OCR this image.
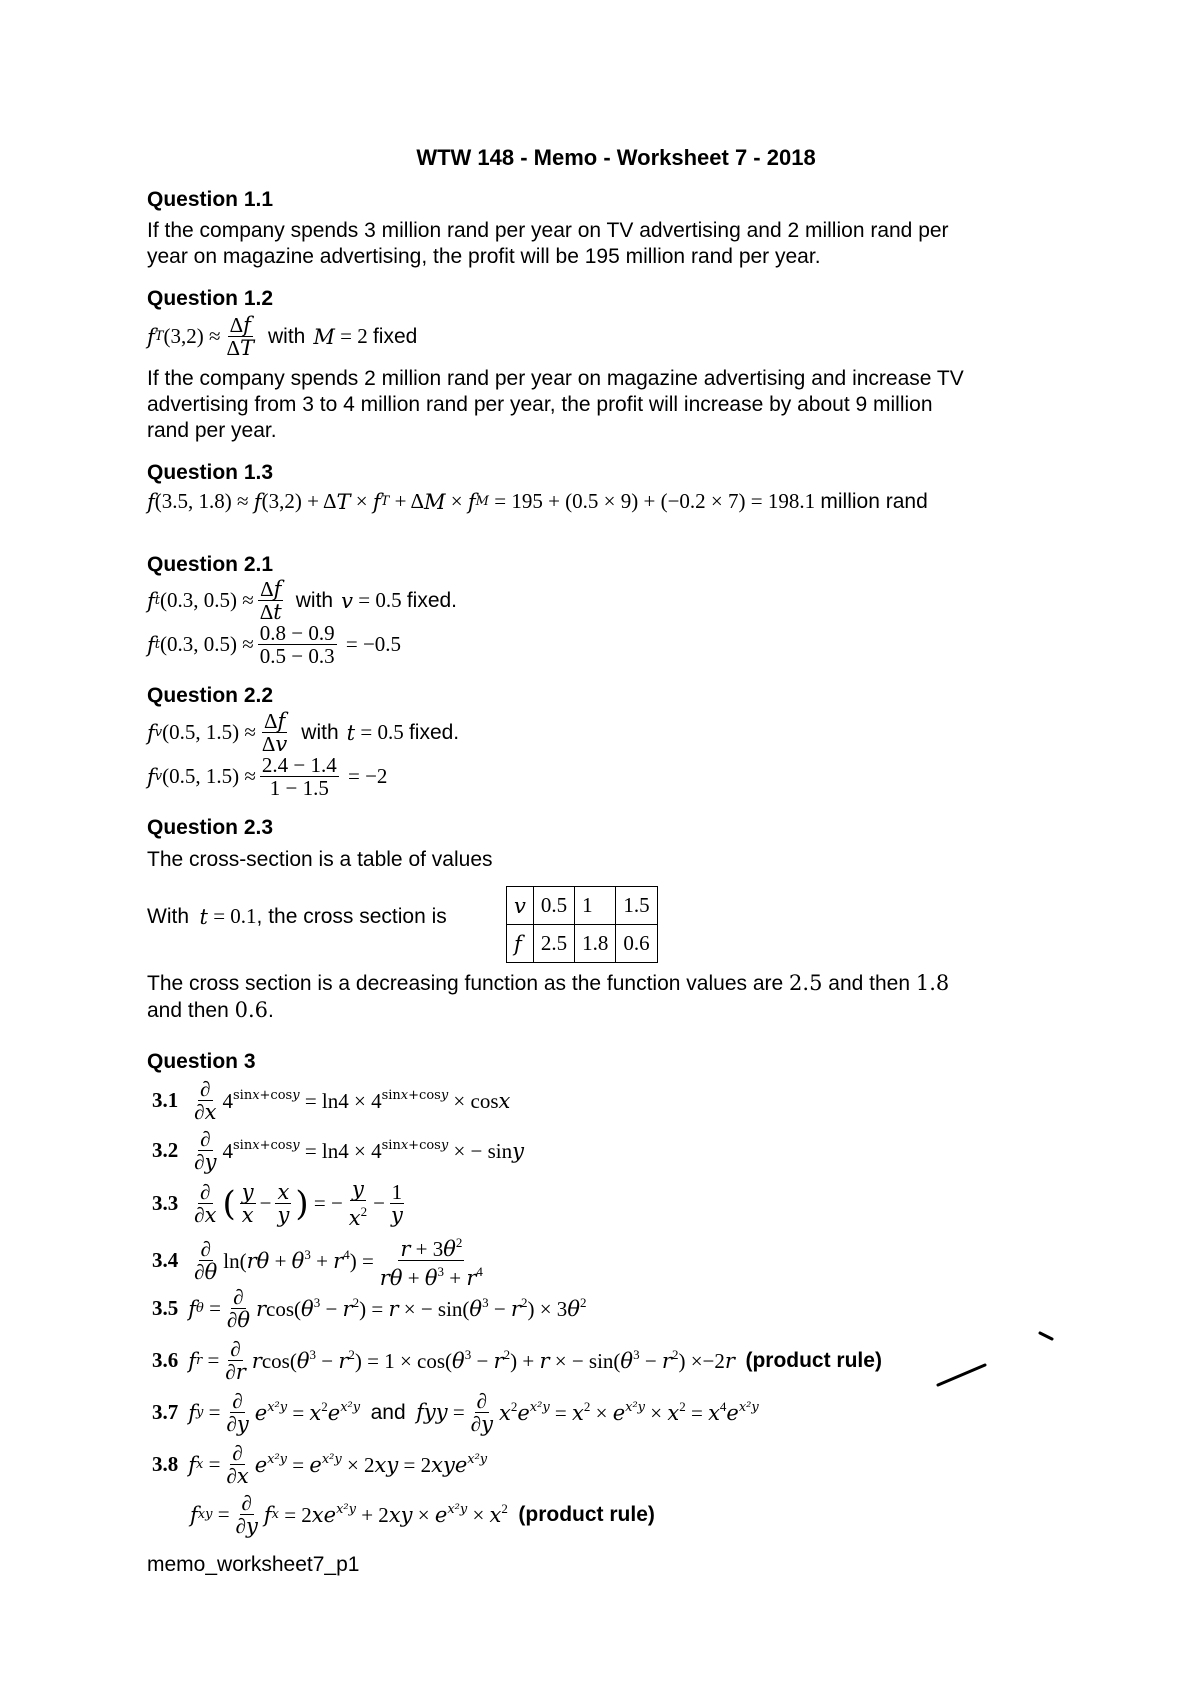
WTW 148 - Memo - Worksheet 7 - 2018
Question 1.1
If the company spends 3 million rand per year on TV advertising and 2 million rand per
year on magazine advertising, the profit will be 195 million rand per year.
Question 1.2
f T $(3,2) \approx \frac{\Delta f}{\Delta T}$ with M = 2 fixed
If the company spends 2 million rand per year on magazine advertising and increase TV
advertising from 3 to 4 million rand per year, the profit will increase by about 9 million
rand per year.
Question 1.3
f (3.5, 1.8) ≈ f (3,2) + Δ T × f T + Δ M × f M = 195 + (0.5 × 9) + (−0.2 × 7) = 198.1 million rand
Question 2.1
f t (0.3, $0.5) \approx \frac{\Delta f}{\Delta t}$ with v = 0.5 fixed.
f t (0.3, $0.5) \approx \frac{0.8 - 0.9}{0.5 - 0.3} = -0.5$
Question 2.2
f v (0.5, $1.5) \approx \frac{\Delta f}{\Delta v}$ with t = 0.5 fixed.
f v (0.5, $1.5) \approx \frac{2.4 - 1.4}{1 - 1.5} = -2$
Question 2.3
The cross-section is a table of values
With
t = 0.1 , the cross section is	v	0.5	1	1.5
f	2.5	1.8	0.6
The cross section is a decreasing function as the function values are 2.5 and then 1.8
and then 0.6.
Question 3
$3.1 \frac{\partial}{\partial x} 4^{sinx+cosy} = \ln 4 \times 4^{sinx+cosy} \times \cos x$
$3.2 \frac{\partial}{\partial y} 4^{sinx+cosy} = \ln 4 \times 4^{sinx+cosy}$ × − siny
$3.3 \frac{\partial}{\partial x}$ ( $\frac{y}{x} - \frac{x}{y}$ ) = − $\frac{y}{x^2} - \frac{1}{y}$
$3.4 \frac{\partial}{\partial\theta} \ln(r\theta + \theta^3 + r^4) = \frac{r + 3\theta^2}{r\theta + \theta^3 + r^4}$
3.5 f $\theta = \frac{\partial}{\partial\theta} rcos(\theta^3 - r^2) = r$ × − $\sin(\theta^3 - r^2) \times 3\theta^2$
3.6 f $r = \frac{\partial}{\partial r} rcos(\theta^3 - r^2) = 1 \times \cos(\theta^3 - r^2) + r$ × − $\sin(\theta^3 - r^2) \times-2r$ (product rule)
3.7 f $y = \frac{\partial}{\partial y} e^{x^2y} = x^2e^{x^2y}$ and fyy = $\frac{\partial}{\partial y} x^2e^{x^2y} = x^2 \times e^{x^2y} \times x^2 = x^4e^{x^2y}$
3.8 f $x = \frac{\partial}{\partial x} e^{x^2y} = e^{x^2y} \times 2xy = 2xye^{x^2y}$
f xy = $\frac{\partial}{\partial y}$ f $x = 2xe^{x^2y} + 2xy \times e^{x^2y} \times x^2$ (product rule)
memo_worksheet7_p1
